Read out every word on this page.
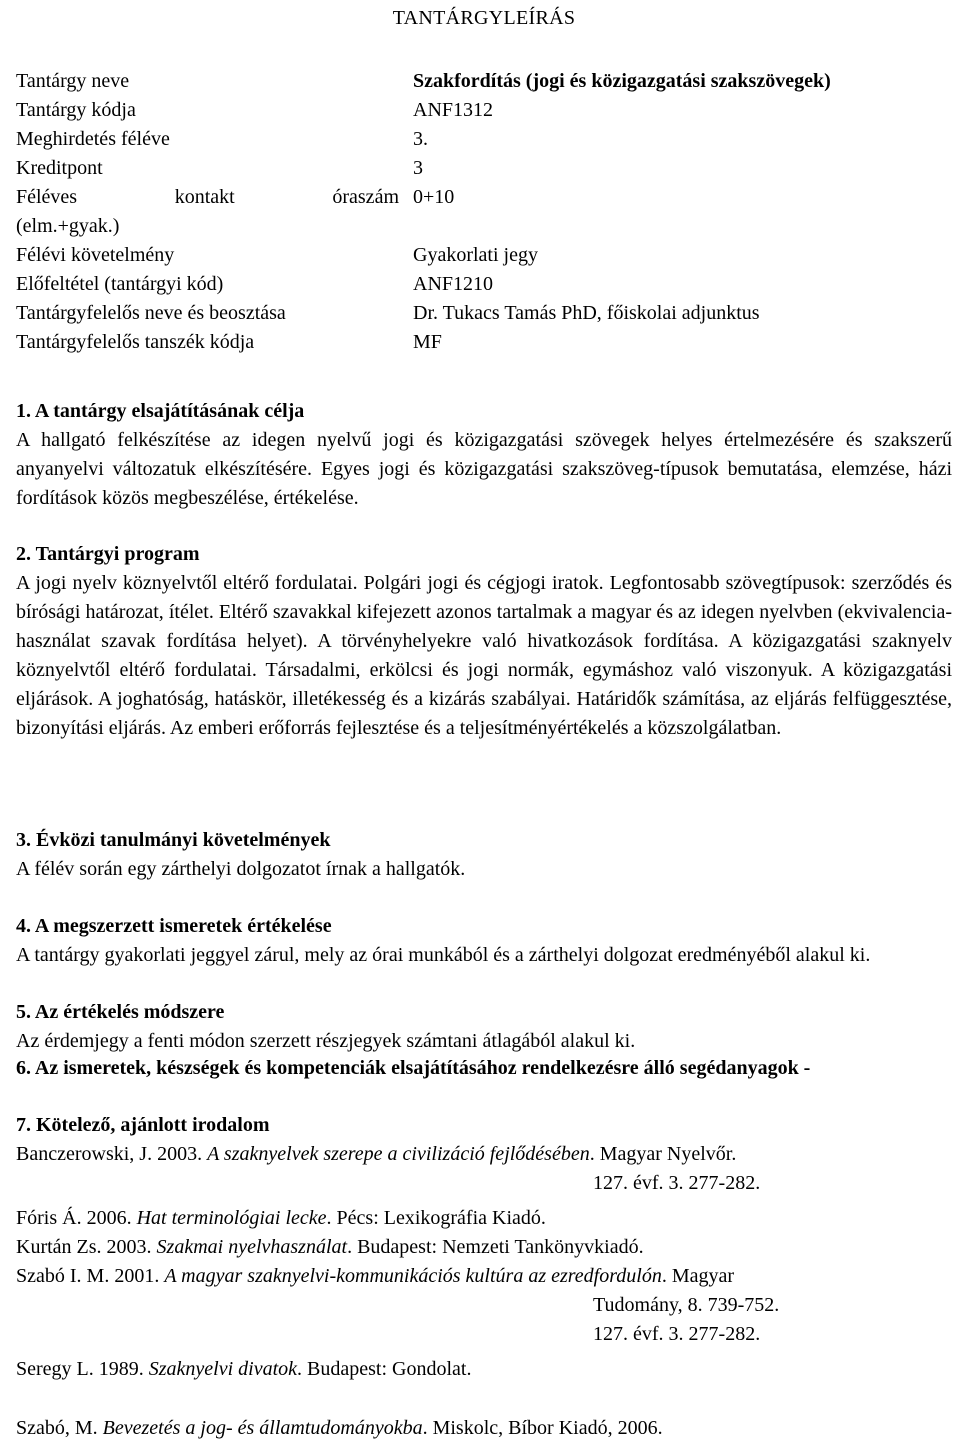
TANTÁRGYLEÍRÁS
Tantárgy neve	Szakfordítás (jogi és közigazgatási szakszövegek)
Tantárgy kódja	ANF1312
Meghirdetés féléve	3.
Kreditpont	3

Féléves kontakt óraszám	0+10
(elm.+gyak.)	
Félévi követelmény	Gyakorlati jegy
Előfeltétel (tantárgyi kód)	ANF1210
Tantárgyfelelős neve és beosztása	Dr. Tukacs Tamás PhD, főiskolai adjunktus
Tantárgyfelelős tanszék kódja	MF
1. A tantárgy elsajátításának célja

A hallgató felkészítése az idegen nyelvű jogi és közigazgatási szövegek helyes értelmezésére és szakszerű anyanyelvi változatuk elkészítésére. Egyes jogi és közigazgatási szakszöveg-típusok bemutatása, elemzése, házi fordítások közös megbeszélése, értékelése.

2. Tantárgyi program

A jogi nyelv köznyelvtől eltérő fordulatai. Polgári jogi és cégjogi iratok. Legfontosabb szövegtípusok: szerződés és bírósági határozat, ítélet. Eltérő szavakkal kifejezett azonos tartalmak a magyar és az idegen nyelvben (ekvivalencia-használat szavak fordítása helyet). A törvényhelyekre való hivatkozások fordítása. A közigazgatási szaknyelv köznyelvtől eltérő fordulatai. Társadalmi, erkölcsi és jogi normák, egymáshoz való viszonyuk. A közigazgatási eljárások. A joghatóság, hatáskör, illetékesség és a kizárás szabályai. Határidők számítása, az eljárás felfüggesztése, bizonyítási eljárás. Az emberi erőforrás fejlesztése és a teljesítményértékelés a közszolgálatban.

3. Évközi tanulmányi követelmények

A félév során egy zárthelyi dolgozatot írnak a hallgatók.

4. A megszerzett ismeretek értékelése

A tantárgy gyakorlati jeggyel zárul, mely az órai munkából és a zárthelyi dolgozat eredményéből alakul ki.

5. Az értékelés módszere

Az érdemjegy a fenti módon szerzett részjegyek számtani átlagából alakul ki.

6. Az ismeretek, készségek és kompetenciák elsajátításához rendelkezésre álló segédanyagok -

7. Kötelező, ajánlott irodalom
Banczerowski, J. 2003. A szaknyelvek szerepe a civilizáció fejlődésében. Magyar Nyelvőr.
127. évf. 3. 277-282.
Fóris Á. 2006. Hat terminológiai lecke. Pécs: Lexikográfia Kiadó.
Kurtán Zs. 2003. Szakmai nyelvhasználat. Budapest: Nemzeti Tankönyvkiadó.
Szabó I. M. 2001. A magyar szaknyelvi-kommunikációs kultúra az ezredfordulón. Magyar
Tudomány, 8. 739-752.
127. évf. 3. 277-282.
Seregy L. 1989. Szaknyelvi divatok. Budapest: Gondolat.
Szabó, M. Bevezetés a jog- és államtudományokba. Miskolc, Bíbor Kiadó, 2006.
